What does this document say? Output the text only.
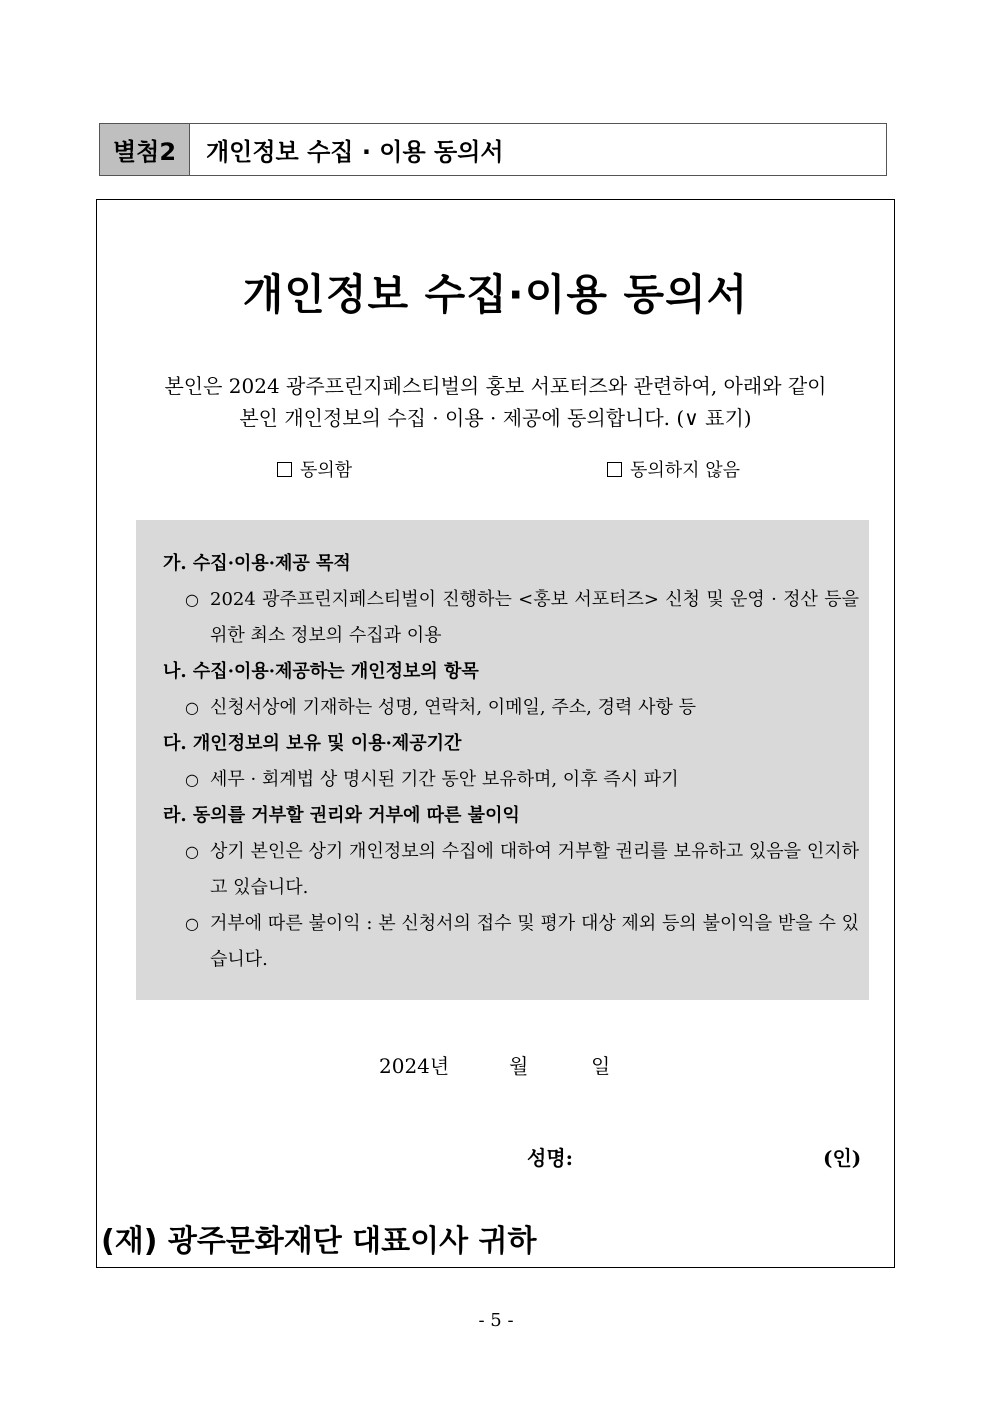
별첨2	개인정보 수집 · 이용 동의서
개인정보 수집·이용 동의서
본인은 2024 광주프린지페스티벌의 홍보 서포터즈와 관련하여, 아래와 같이
본인 개인정보의 수집 · 이용 · 제공에 동의합니다. (∨ 표기)
동의함	동의하지 않음
가. 수집·이용·제공 목적
○ 2024 광주프린지페스티벌이 진행하는 <홍보 서포터즈> 신청 및 운영 · 정산 등을 위한 최소 정보의 수집과 이용
나. 수집·이용·제공하는 개인정보의 항목
○ 신청서상에 기재하는 성명, 연락처, 이메일, 주소, 경력 사항 등
다. 개인정보의 보유 및 이용·제공기간
○ 세무 · 회계법 상 명시된 기간 동안 보유하며, 이후 즉시 파기
라. 동의를 거부할 권리와 거부에 따른 불이익
○ 상기 본인은 상기 개인정보의 수집에 대하여 거부할 권리를 보유하고 있음을 인지하고 있습니다.
○ 거부에 따른 불이익 : 본 신청서의 접수 및 평가 대상 제외 등의 불이익을 받을 수 있습니다.
2024년	월	일
성명:	(인)
(재) 광주문화재단 대표이사 귀하
- 5 -
